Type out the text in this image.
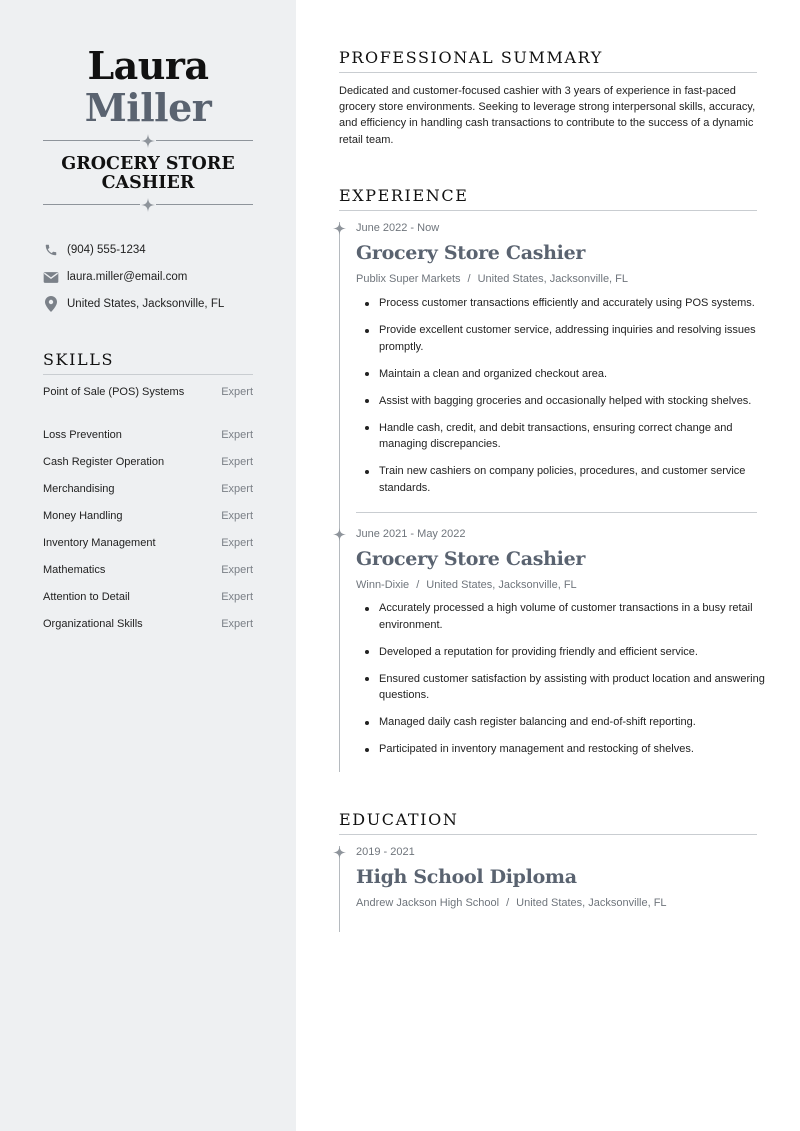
Laura
Miller
GROCERY STORE CASHIER
(904) 555-1234
laura.miller@email.com
United States, Jacksonville, FL
SKILLS
Point of Sale (POS) Systems	Expert
Loss Prevention	Expert
Cash Register Operation	Expert
Merchandising	Expert
Money Handling	Expert
Inventory Management	Expert
Mathematics	Expert
Attention to Detail	Expert
Organizational Skills	Expert
PROFESSIONAL SUMMARY
Dedicated and customer-focused cashier with 3 years of experience in fast-paced grocery store environments. Seeking to leverage strong interpersonal skills, accuracy, and efficiency in handling cash transactions to contribute to the success of a dynamic retail team.
EXPERIENCE
June 2022 - Now
Grocery Store Cashier
Publix Super Markets / United States, Jacksonville, FL
Process customer transactions efficiently and accurately using POS systems.
Provide excellent customer service, addressing inquiries and resolving issues promptly.
Maintain a clean and organized checkout area.
Assist with bagging groceries and occasionally helped with stocking shelves.
Handle cash, credit, and debit transactions, ensuring correct change and managing discrepancies.
Train new cashiers on company policies, procedures, and customer service standards.
June 2021 - May 2022
Grocery Store Cashier
Winn-Dixie / United States, Jacksonville, FL
Accurately processed a high volume of customer transactions in a busy retail environment.
Developed a reputation for providing friendly and efficient service.
Ensured customer satisfaction by assisting with product location and answering questions.
Managed daily cash register balancing and end-of-shift reporting.
Participated in inventory management and restocking of shelves.
EDUCATION
2019 - 2021
High School Diploma
Andrew Jackson High School / United States, Jacksonville, FL
